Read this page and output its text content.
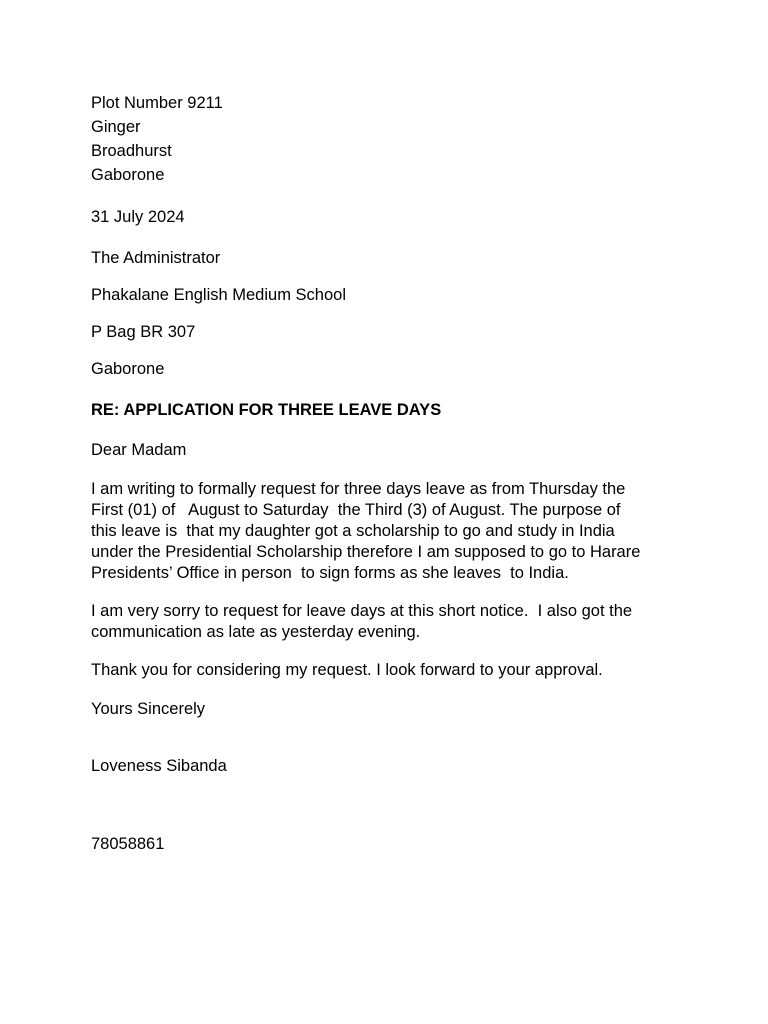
Plot Number 9211
Ginger
Broadhurst
Gaborone
31 July 2024
The Administrator
Phakalane English Medium School
P Bag BR 307
Gaborone
RE: APPLICATION FOR THREE LEAVE DAYS
Dear Madam
I am writing to formally request for three days leave as from Thursday the
First (01) of   August to Saturday  the Third (3) of August. The purpose of
this leave is  that my daughter got a scholarship to go and study in India
under the Presidential Scholarship therefore I am supposed to go to Harare
Presidents’ Office in person  to sign forms as she leaves  to India.
I am very sorry to request for leave days at this short notice.  I also got the
communication as late as yesterday evening.
Thank you for considering my request. I look forward to your approval.
Yours Sincerely
Loveness Sibanda
78058861
